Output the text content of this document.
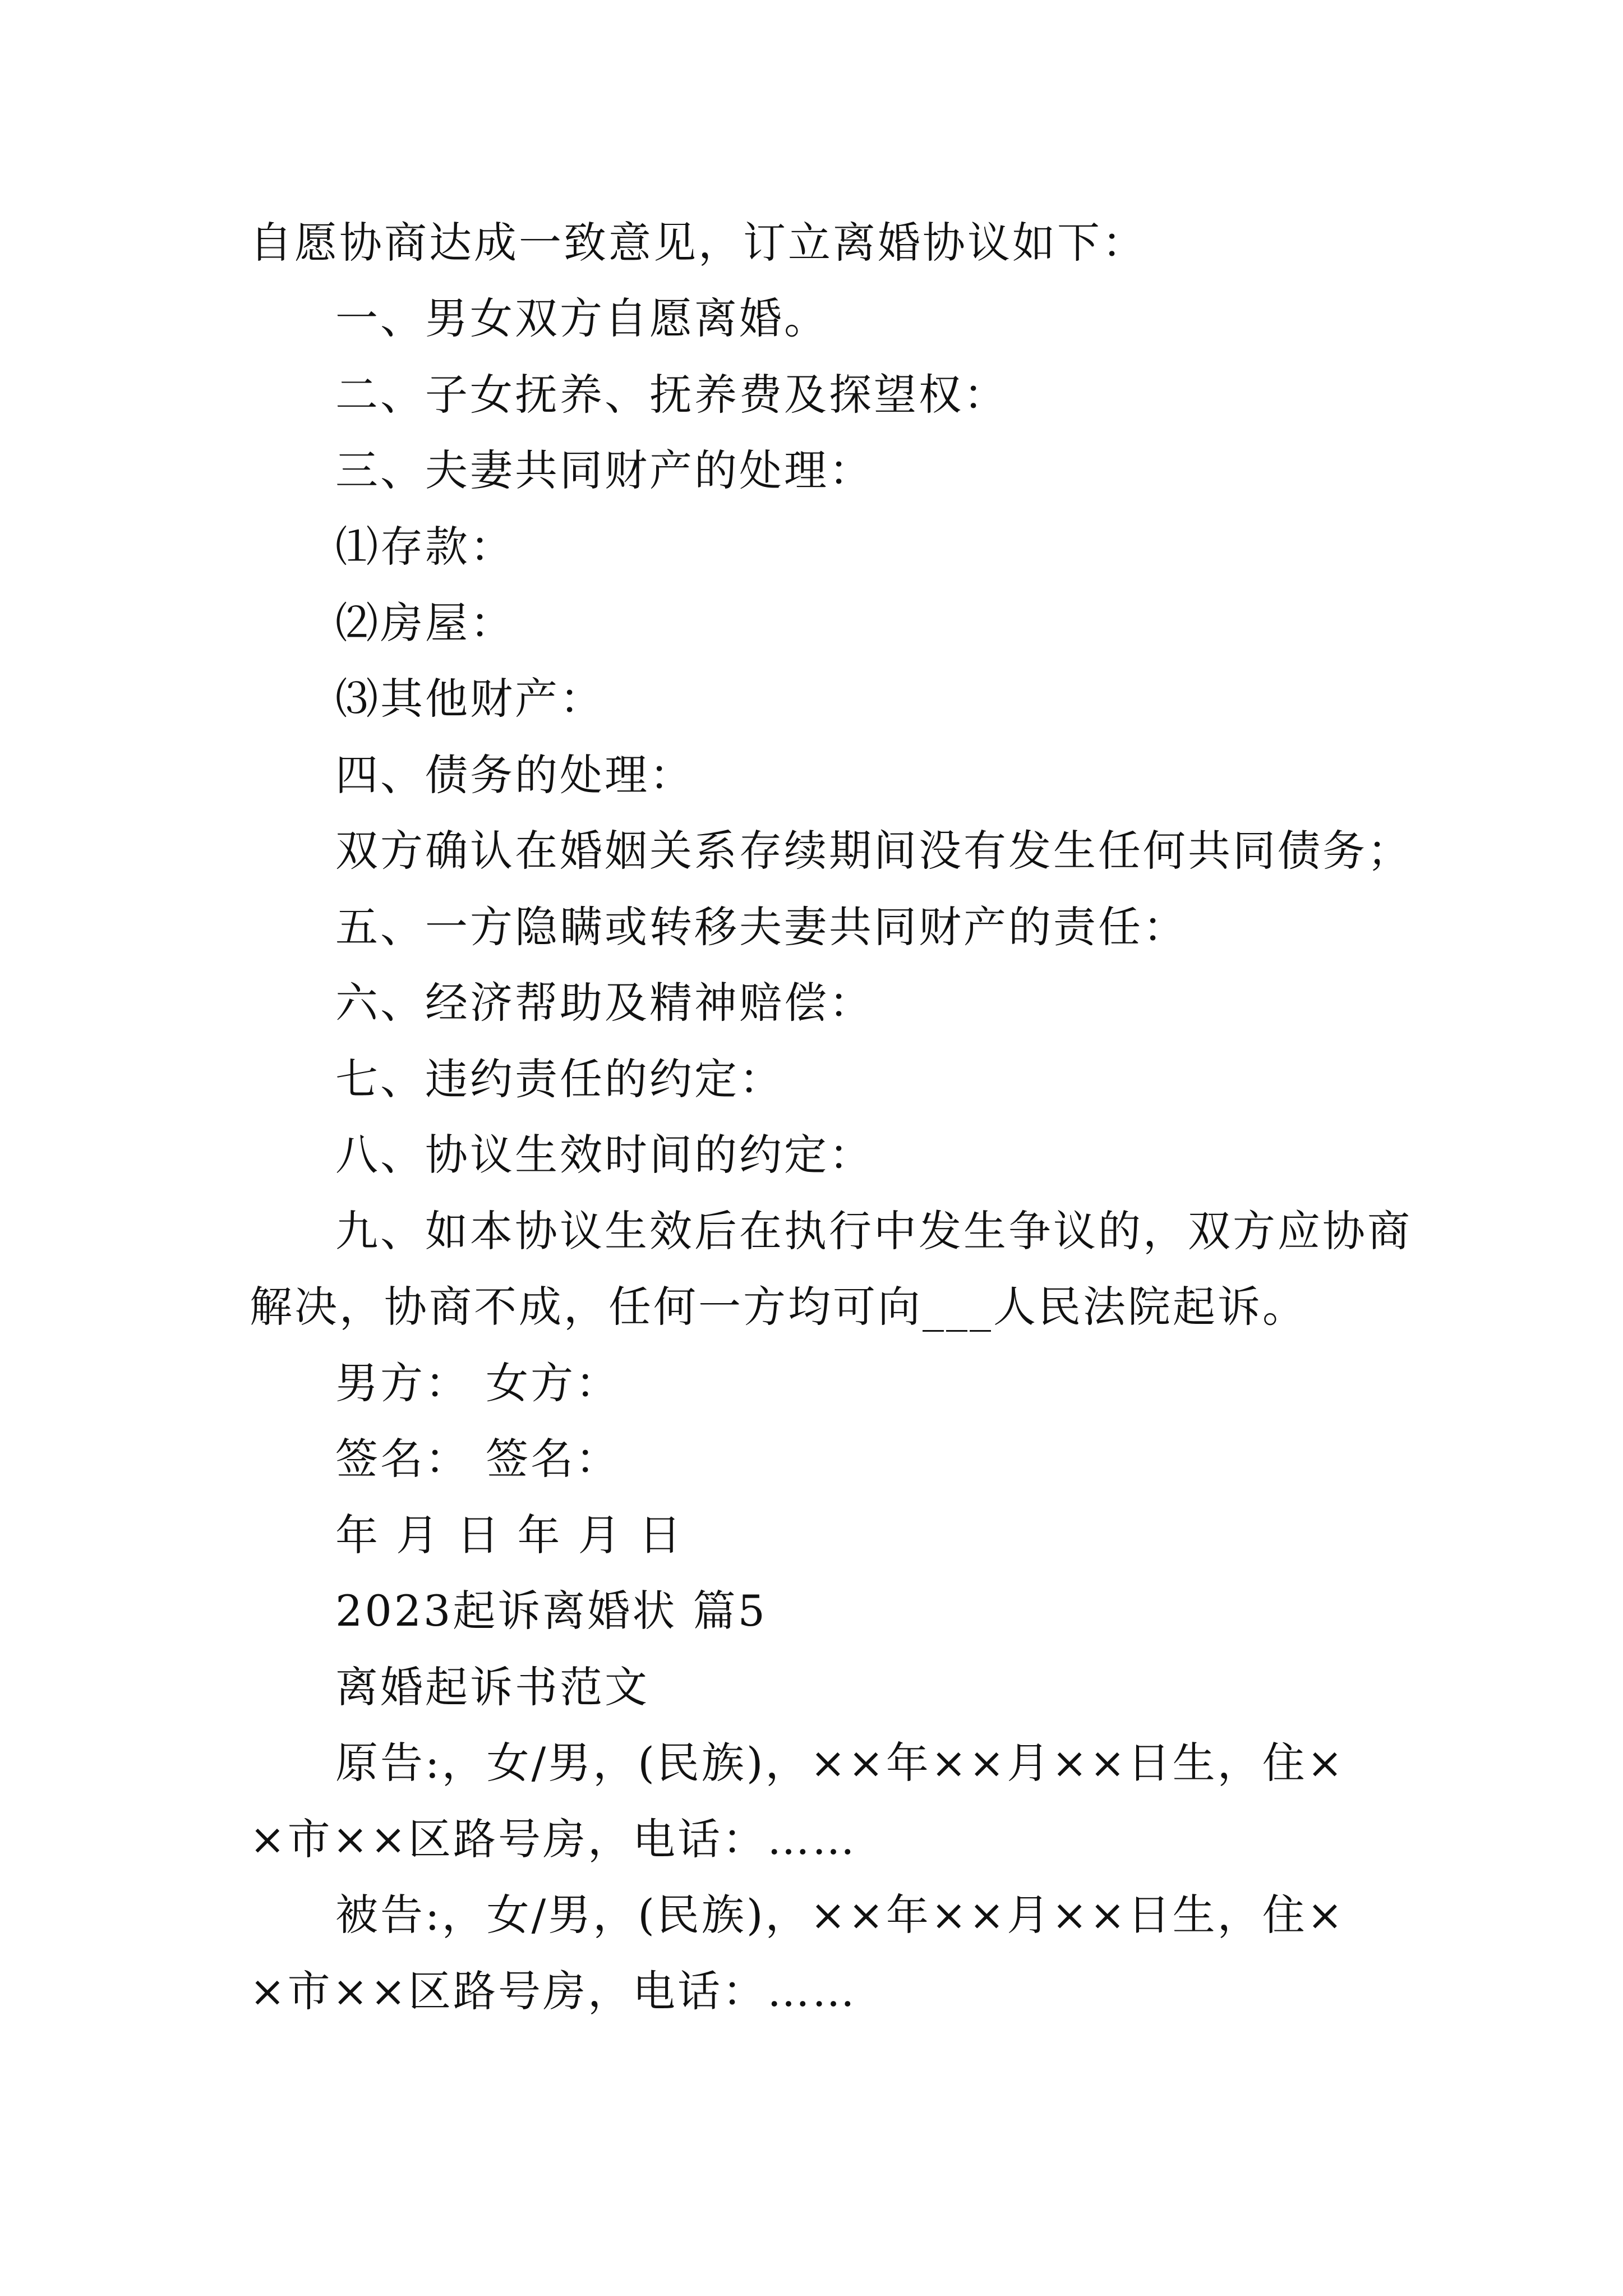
自愿协商达成一致意见，订立离婚协议如下：
一、男女双方自愿离婚。
二、子女抚养、抚养费及探望权：
三、夫妻共同财产的处理：
⑴存款：
⑵房屋：
⑶其他财产：
四、债务的处理：
双方确认在婚姻关系存续期间没有发生任何共同债务；
五、一方隐瞒或转移夫妻共同财产的责任：
六、经济帮助及精神赔偿：
七、违约责任的约定：
八、协议生效时间的约定：
九、如本协议生效后在执行中发生争议的，双方应协商
解决，协商不成，任何一方均可向___人民法院起诉。
男方： 女方：
签名： 签名：
年 月 日 年 月 日
2023起诉离婚状 篇5
离婚起诉书范文
原告:，女/男，(民族)，××年××月××日生，住×
×市××区路号房，电话：……
被告:，女/男，(民族)，××年××月××日生，住×
×市××区路号房，电话：……
